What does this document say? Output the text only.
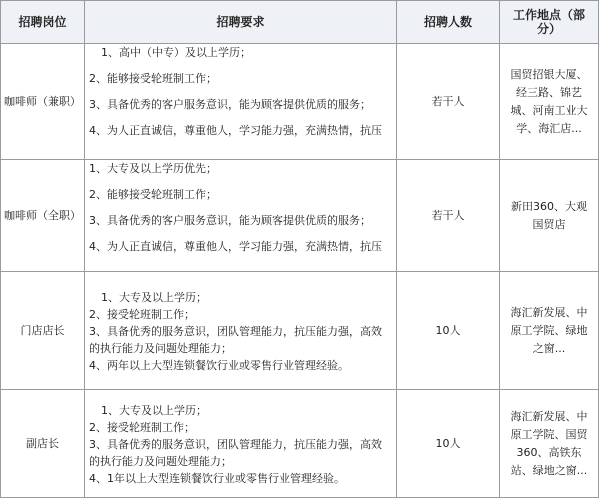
招聘岗位	招聘要求	招聘人数	工作地点（部分）
咖啡师（兼职）	1、高中（中专）及以上学历；
2、能够接受轮班制工作；
3、具备优秀的客户服务意识，能为顾客提供优质的服务；
4、为人正直诚信，尊重他人，学习能力强，充满热情，抗压	若干人	国贸招银大厦、经三路、锦艺城、河南工业大学、海汇店...
咖啡师（全职）	1、大专及以上学历优先；
2、能够接受轮班制工作；
3、具备优秀的客户服务意识，能为顾客提供优质的服务；
4、为人正直诚信，尊重他人，学习能力强，充满热情，抗压	若干人	新田360、大观国贸店
门店店长	1、大专及以上学历；
2、接受轮班制工作；
3、具备优秀的服务意识，团队管理能力，抗压能力强，高效的执行能力及问题处理能力；
4、两年以上大型连锁餐饮行业或零售行业管理经验。	10人	海汇新发展、中原工学院、绿地之窗...
副店长	1、大专及以上学历；
2、接受轮班制工作；
3、具备优秀的服务意识，团队管理能力，抗压能力强，高效的执行能力及问题处理能力；
4、1年以上大型连锁餐饮行业或零售行业管理经验。	10人	海汇新发展、中原工学院、国贸360、高铁东站、绿地之窗...
